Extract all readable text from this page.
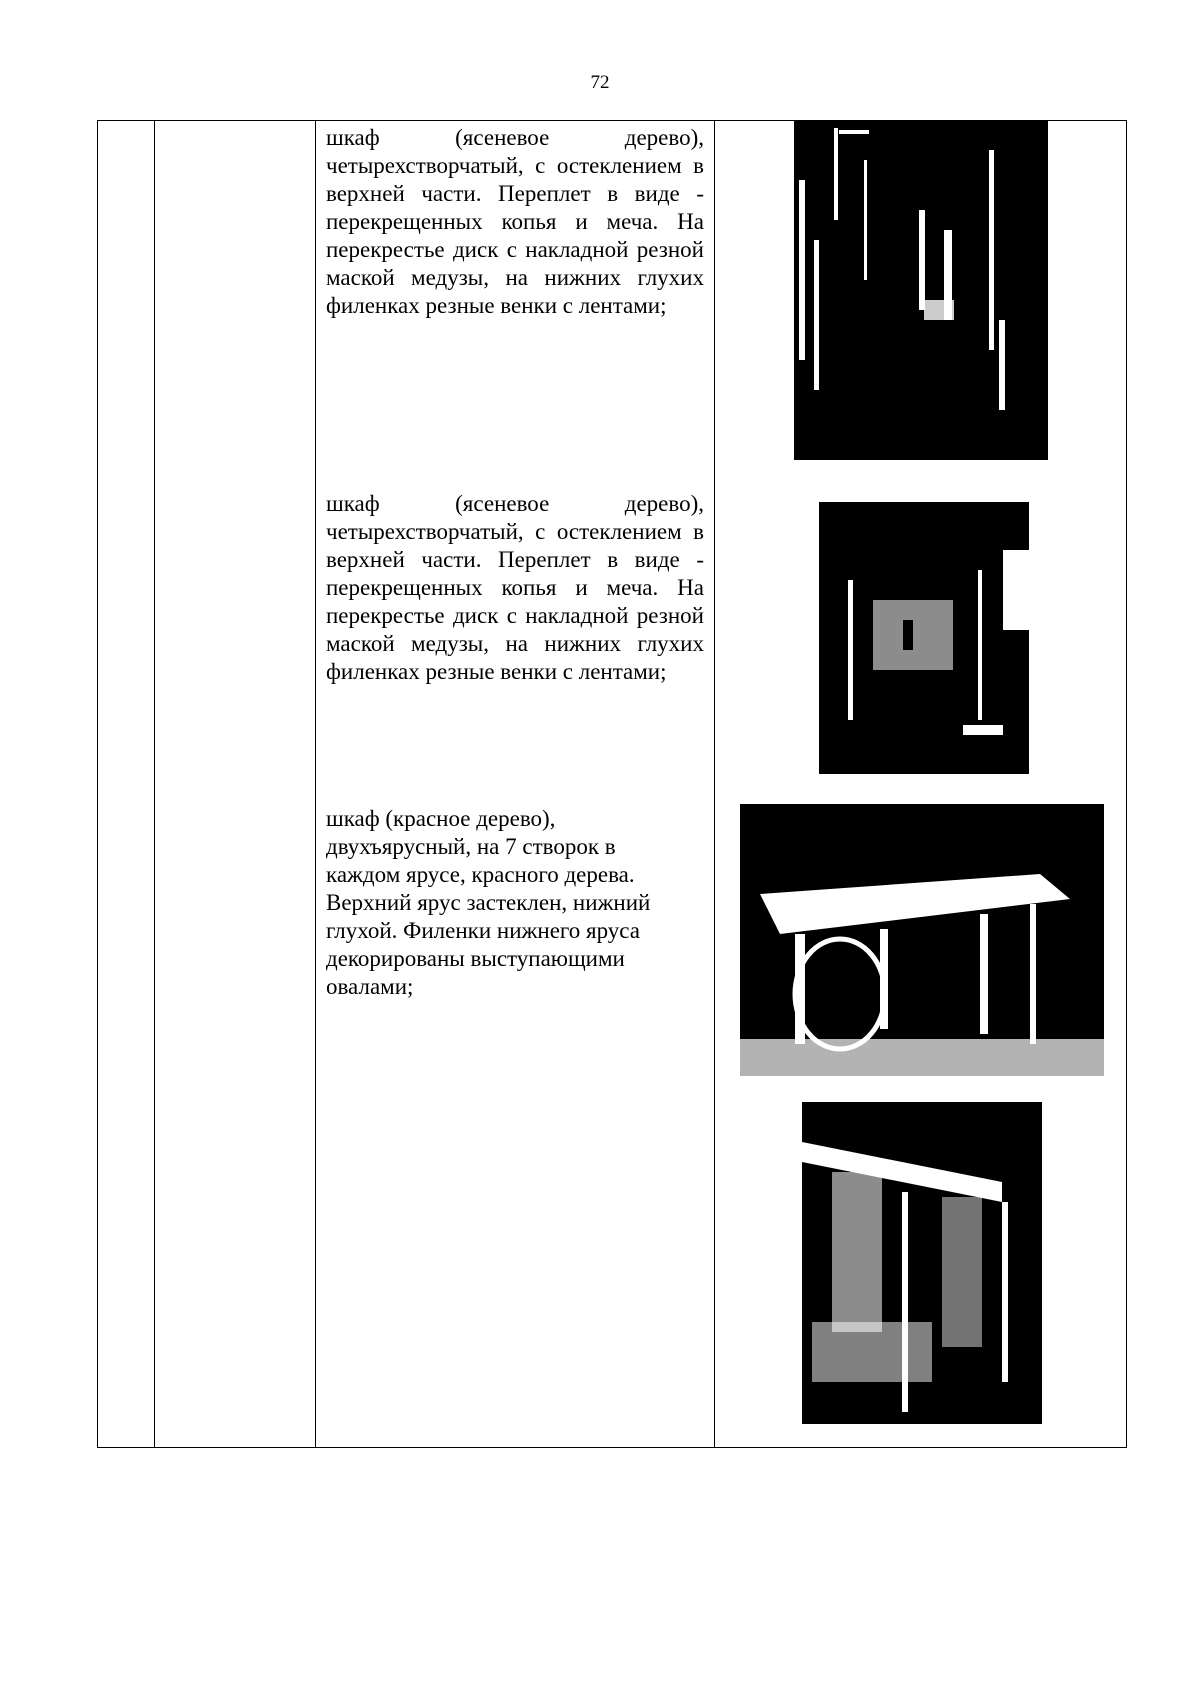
72
шкаф (ясеневое дерево), четырехстворчатый, с остеклением в верхней части. Переплет в виде - перекрещенных копья и меча. На перекрестье диск с накладной резной маской медузы, на нижних глухих филенках резные венки с лентами;
шкаф (ясеневое дерево), четырехстворчатый, с остеклением в верхней части. Переплет в виде - перекрещенных копья и меча. На перекрестье диск с накладной резной маской медузы, на нижних глухих филенках резные венки с лентами;
шкаф (красное дерево), двухъярусный, на 7 створок в каждом ярусе, красного дерева. Верхний ярус застеклен, нижний глухой. Филенки нижнего яруса декорированы выступающими овалами;
